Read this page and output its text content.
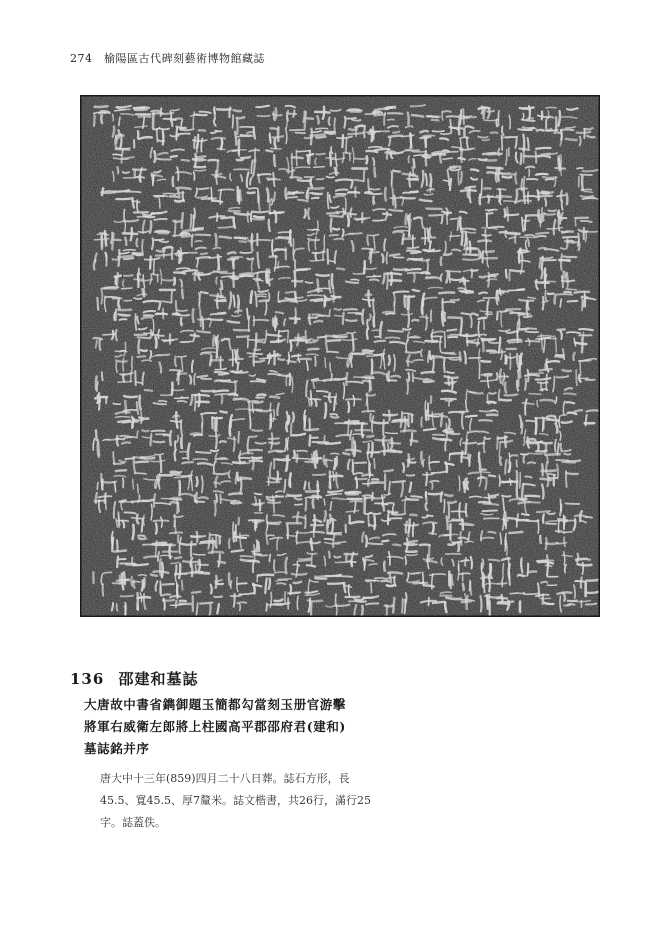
274 榆陽區古代碑刻藝術博物館藏誌
136 邵建和墓誌
大唐故中書省鐫御題玉簡都勾當刻玉册官游擊
將軍右威衛左郎將上柱國高平郡邵府君(建和)
墓誌銘并序
唐大中十三年(859)四月二十八日葬。誌石方形，長
45.5、寬45.5、厚7釐米。誌文楷書，共26行，滿行25
字。誌蓋佚。
